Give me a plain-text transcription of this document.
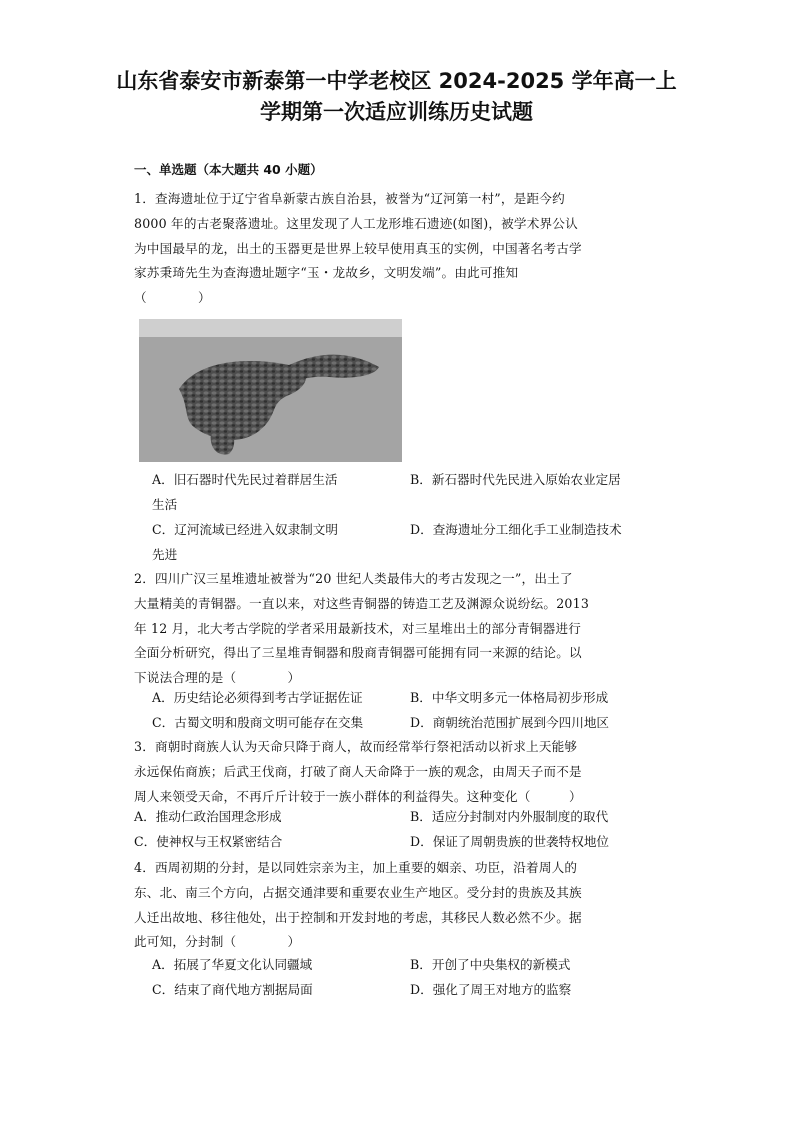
山东省泰安市新泰第一中学老校区 2024-2025 学年高一上
学期第一次适应训练历史试题
一、单选题（本大题共 40 小题）

1．查海遗址位于辽宁省阜新蒙古族自治县，被誉为“辽河第一村”，是距今约

8000 年的古老聚落遗址。这里发现了人工龙形堆石遗迹(如图)，被学术界公认

为中国最早的龙，出土的玉器更是世界上较早使用真玉的实例，中国著名考古学

家苏秉琦先生为查海遗址题字“玉・龙故乡，文明发端”。由此可推知

（　　　　）

A．旧石器时代先民过着群居生活	B．新石器时代先民进入原始农业定居
生活
C．辽河流域已经进入奴隶制文明	D．查海遗址分工细化手工业制造技术
先进

2．四川广汉三星堆遗址被誉为“20 世纪人类最伟大的考古发现之一”，出土了

大量精美的青铜器。一直以来，对这些青铜器的铸造工艺及渊源众说纷纭。2013

年 12 月，北大考古学院的学者采用最新技术，对三星堆出土的部分青铜器进行

全面分析研究，得出了三星堆青铜器和殷商青铜器可能拥有同一来源的结论。以

下说法合理的是（　　　　）

A．历史结论必须得到考古学证据佐证	B．中华文明多元一体格局初步形成
C．古蜀文明和殷商文明可能存在交集	D．商朝统治范围扩展到今四川地区

3．商朝时商族人认为天命只降于商人，故而经常举行祭祀活动以祈求上天能够

永远保佑商族；后武王伐商，打破了商人天命降于一族的观念，由周天子而不是

周人来领受天命，不再斤斤计较于一族小群体的利益得失。这种变化（　　　）

A．推动仁政治国理念形成	B．适应分封制对内外服制度的取代
C．使神权与王权紧密结合	D．保证了周朝贵族的世袭特权地位

4．西周初期的分封，是以同姓宗亲为主，加上重要的姻亲、功臣，沿着周人的

东、北、南三个方向，占据交通津要和重要农业生产地区。受分封的贵族及其族

人迁出故地、移往他处，出于控制和开发封地的考虑，其移民人数必然不少。据

此可知，分封制（　　　　）

A．拓展了华夏文化认同疆域	B．开创了中央集权的新模式
C．结束了商代地方割据局面	D．强化了周王对地方的监察
